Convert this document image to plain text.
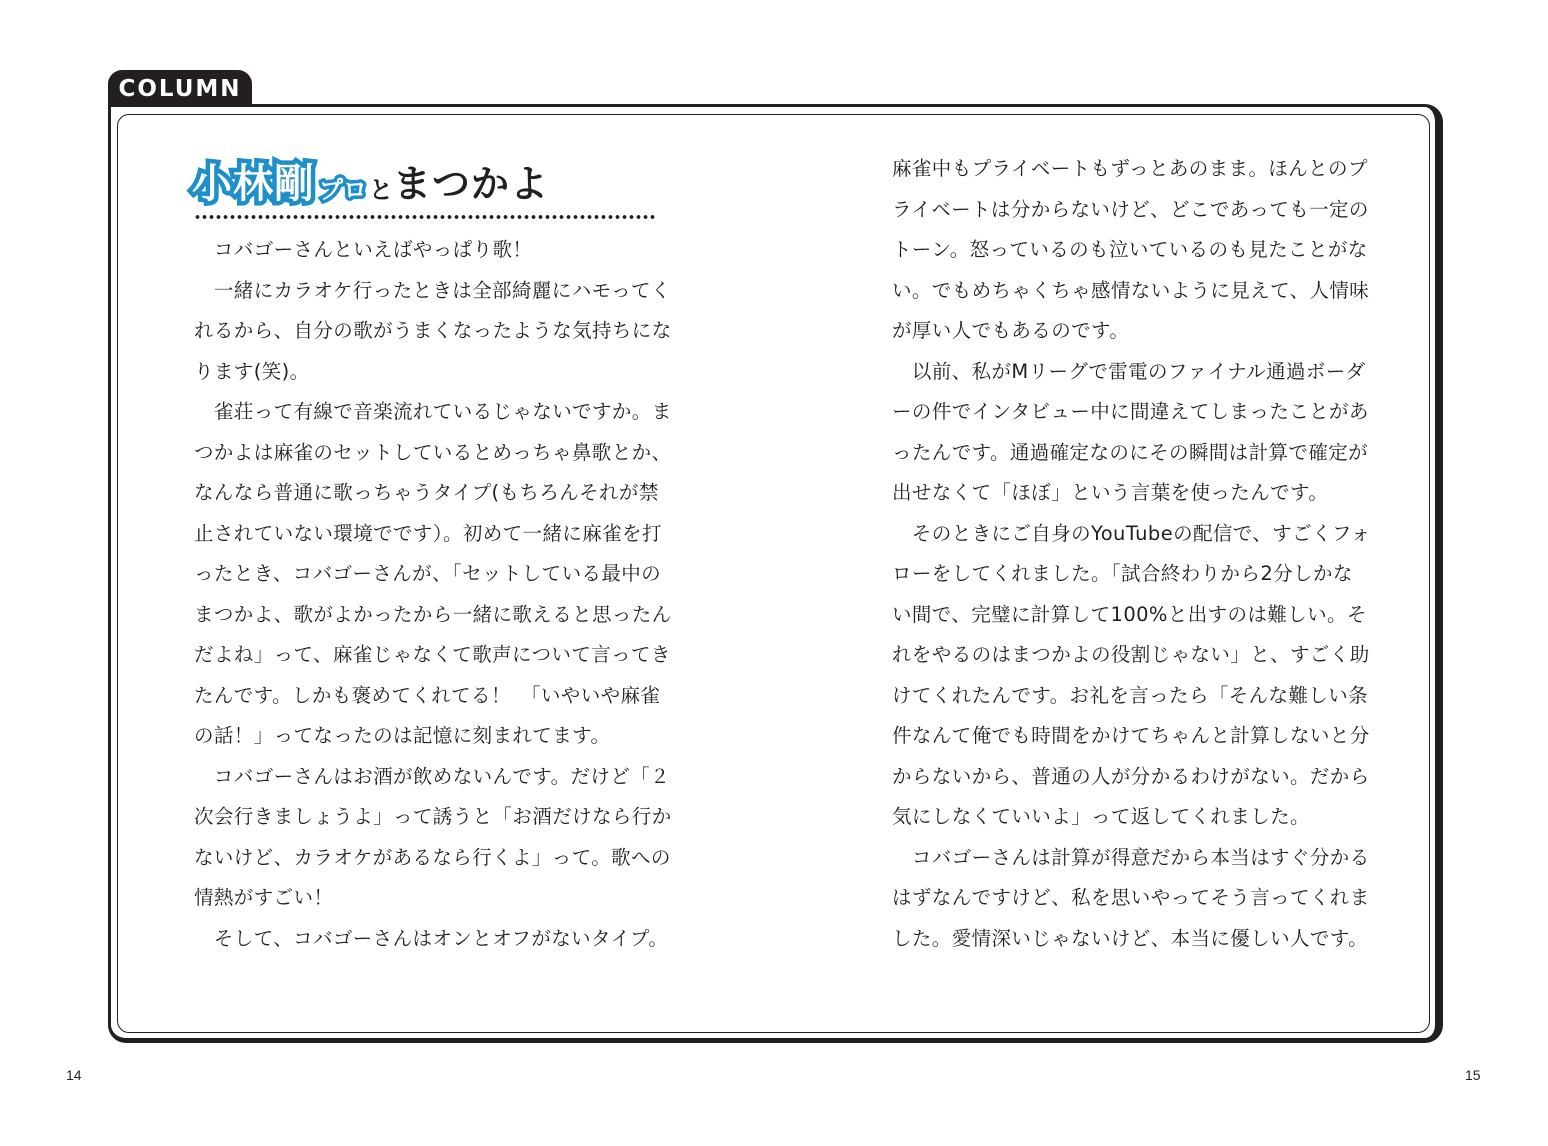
COLUMN
小林剛 プロ と まつかよ
　コバゴーさんといえばやっぱり歌！
　一緒にカラオケ行ったときは全部綺麗にハモってく
れるから、自分の歌がうまくなったような気持ちにな
ります(笑)。
　雀荘って有線で音楽流れているじゃないですか。ま
つかよは麻雀のセットしているとめっちゃ鼻歌とか、
なんなら普通に歌っちゃうタイプ(もちろんそれが禁
止されていない環境でです）。初めて一緒に麻雀を打
ったとき、コバゴーさんが、「セットしている最中の
まつかよ、歌がよかったから一緒に歌えると思ったん
だよね」って、麻雀じゃなくて歌声について言ってき
たんです。しかも褒めてくれてる！　「いやいや麻雀
の話！」ってなったのは記憶に刻まれてます。
　コバゴーさんはお酒が飲めないんです。だけど「２
次会行きましょうよ」って誘うと「お酒だけなら行か
ないけど、カラオケがあるなら行くよ」って。歌への
情熱がすごい！
　そして、コバゴーさんはオンとオフがないタイプ。
麻雀中もプライベートもずっとあのまま。ほんとのプ
ライベートは分からないけど、どこであっても一定の
トーン。怒っているのも泣いているのも見たことがな
い。でもめちゃくちゃ感情ないように見えて、人情味
が厚い人でもあるのです。
　以前、私がMリーグで雷電のファイナル通過ボーダ
ーの件でインタビュー中に間違えてしまったことがあ
ったんです。通過確定なのにその瞬間は計算で確定が
出せなくて「ほぼ」という言葉を使ったんです。
　そのときにご自身のYouTubeの配信で、すごくフォ
ローをしてくれました。「試合終わりから2分しかな
い間で、完璧に計算して100%と出すのは難しい。そ
れをやるのはまつかよの役割じゃない」と、すごく助
けてくれたんです。お礼を言ったら「そんな難しい条
件なんて俺でも時間をかけてちゃんと計算しないと分
からないから、普通の人が分かるわけがない。だから
気にしなくていいよ」って返してくれました。
　コバゴーさんは計算が得意だから本当はすぐ分かる
はずなんですけど、私を思いやってそう言ってくれま
した。愛情深いじゃないけど、本当に優しい人です。
14	15
